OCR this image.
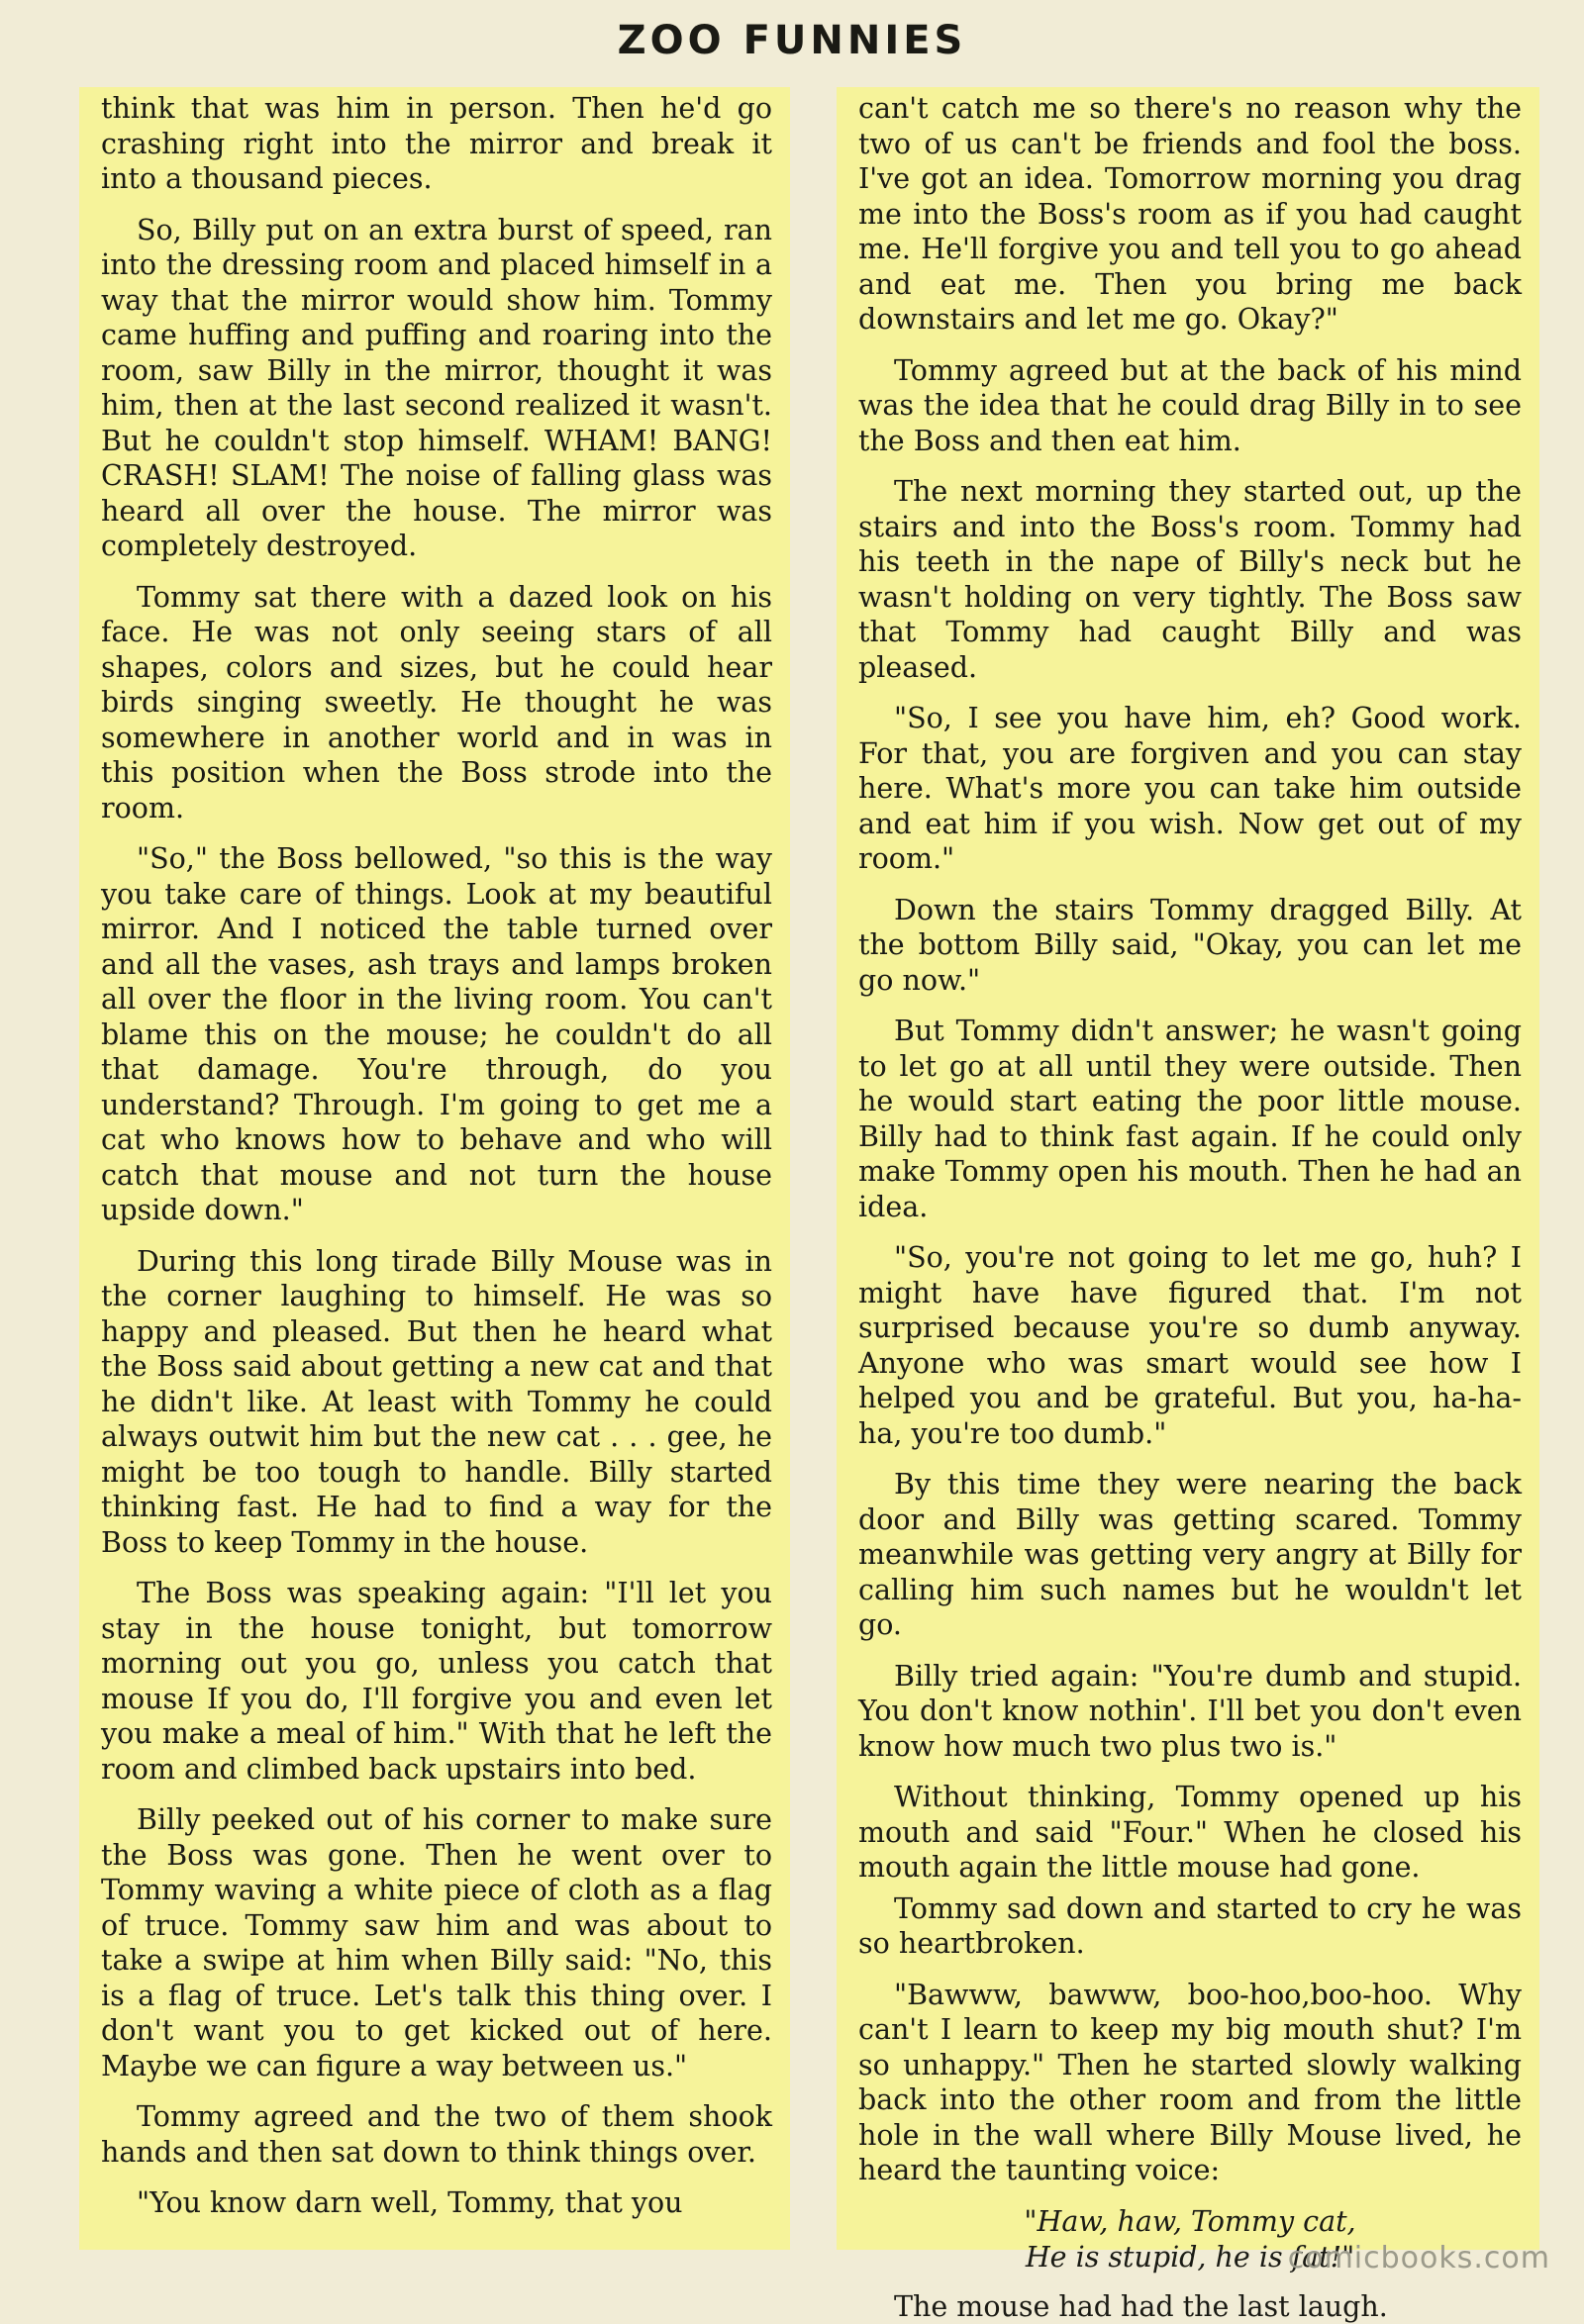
ZOO FUNNIES

think that was him in person. Then he'd go crashing right into the mirror and break it into a thousand pieces.

So, Billy put on an extra burst of speed, ran into the dressing room and placed himself in a way that the mirror would show him. Tommy came huffing and puffing and roaring into the room, saw Billy in the mirror, thought it was him, then at the last second realized it wasn't. But he couldn't stop himself. WHAM! BANG! CRASH! SLAM! The noise of falling glass was heard all over the house. The mirror was completely destroyed.

Tommy sat there with a dazed look on his face. He was not only seeing stars of all shapes, colors and sizes, but he could hear birds singing sweetly. He thought he was somewhere in another world and in was in this position when the Boss strode into the room.

"So," the Boss bellowed, "so this is the way you take care of things. Look at my beautiful mirror. And I noticed the table turned over and all the vases, ash trays and lamps broken all over the floor in the living room. You can't blame this on the mouse; he couldn't do all that damage. You're through, do you understand? Through. I'm going to get me a cat who knows how to behave and who will catch that mouse and not turn the house upside down."

During this long tirade Billy Mouse was in the corner laughing to himself. He was so happy and pleased. But then he heard what the Boss said about getting a new cat and that he didn't like. At least with Tommy he could always outwit him but the new cat . . . gee, he might be too tough to handle. Billy started thinking fast. He had to find a way for the Boss to keep Tommy in the house.

The Boss was speaking again: "I'll let you stay in the house tonight, but tomorrow morning out you go, unless you catch that mouse If you do, I'll forgive you and even let you make a meal of him." With that he left the room and climbed back upstairs into bed.

Billy peeked out of his corner to make sure the Boss was gone. Then he went over to Tommy waving a white piece of cloth as a flag of truce. Tommy saw him and was about to take a swipe at him when Billy said: "No, this is a flag of truce. Let's talk this thing over. I don't want you to get kicked out of here. Maybe we can figure a way between us."

Tommy agreed and the two of them shook hands and then sat down to think things over.

"You know darn well, Tommy, that you

can't catch me so there's no reason why the two of us can't be friends and fool the boss. I've got an idea. Tomorrow morning you drag me into the Boss's room as if you had caught me. He'll forgive you and tell you to go ahead and eat me. Then you bring me back downstairs and let me go. Okay?"

Tommy agreed but at the back of his mind was the idea that he could drag Billy in to see the Boss and then eat him.

The next morning they started out, up the stairs and into the Boss's room. Tommy had his teeth in the nape of Billy's neck but he wasn't holding on very tightly. The Boss saw that Tommy had caught Billy and was pleased.

"So, I see you have him, eh? Good work. For that, you are forgiven and you can stay here. What's more you can take him outside and eat him if you wish. Now get out of my room."

Down the stairs Tommy dragged Billy. At the bottom Billy said, "Okay, you can let me go now."

But Tommy didn't answer; he wasn't going to let go at all until they were outside. Then he would start eating the poor little mouse. Billy had to think fast again. If he could only make Tommy open his mouth. Then he had an idea.

"So, you're not going to let me go, huh? I might have have figured that. I'm not surprised because you're so dumb anyway. Anyone who was smart would see how I helped you and be grateful. But you, ha-ha-ha, you're too dumb."

By this time they were nearing the back door and Billy was getting scared. Tommy meanwhile was getting very angry at Billy for calling him such names but he wouldn't let go.

Billy tried again: "You're dumb and stupid. You don't know nothin'. I'll bet you don't even know how much two plus two is."

Without thinking, Tommy opened up his mouth and said "Four." When he closed his mouth again the little mouse had gone.

Tommy sad down and started to cry he was so heartbroken.

"Bawww, bawww, boo-hoo,boo-hoo. Why can't I learn to keep my big mouth shut? I'm so unhappy." Then he started slowly walking back into the other room and from the little hole in the wall where Billy Mouse lived, he heard the taunting voice:

"Haw, haw, Tommy cat,
He is stupid, he is fat!"

The mouse had had the last laugh.

comicbooks.com
